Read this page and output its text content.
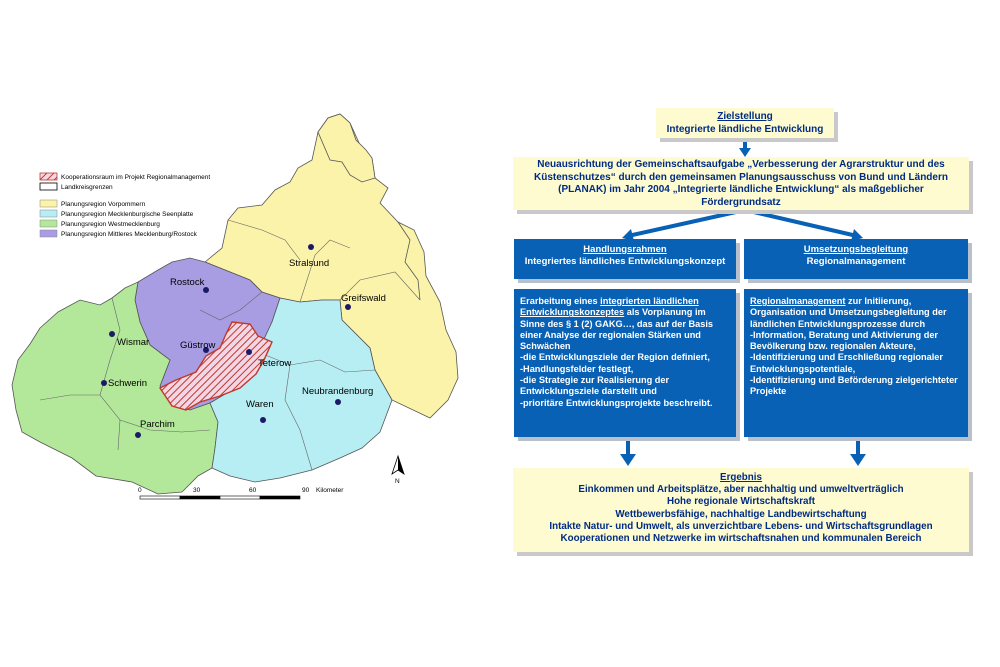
Kooperationsraum im Projekt Regionalmanagement
Landkreisgrenzen
Planungsregion Vorpommern
Planungsregion Mecklenburgische Seenplatte
Planungsregion Westmecklenburg
Planungsregion Mittleres Mecklenburg/Rostock
Stralsund
Rostock
Greifswald
Wismar	Güstrow
Teterow
Schwerin
Neubrandenburg
Waren
Parchim
N
0	30	60	90 Kilometer
Zielstellung
Integrierte ländliche Entwicklung
Neuausrichtung der Gemeinschaftsaufgabe „Verbesserung der Agrarstruktur und des
Küstenschutzes“ durch den gemeinsamen Planungsausschuss von Bund und Ländern
(PLANAK) im Jahr 2004 „Integrierte ländliche Entwicklung“ als maßgeblicher
Fördergrundsatz
Handlungsrahmen
Integriertes ländliches Entwicklungskonzept
Umsetzungsbegleitung
Regionalmanagement
Erarbeitung eines integrierten ländlichen Entwicklungskonzeptes als Vorplanung im Sinne des § 1 (2) GAKG…, das auf der Basis einer Analyse der regionalen Stärken und Schwächen
-die Entwicklungsziele der Region definiert,
-Handlungsfelder festlegt,
-die Strategie zur Realisierung der Entwicklungsziele darstellt und
-prioritäre Entwicklungsprojekte beschreibt.
Regionalmanagement zur Initiierung, Organisation und Umsetzungsbegleitung der ländlichen Entwicklungsprozesse durch
-Information, Beratung und Aktivierung der Bevölkerung bzw. regionalen Akteure,
-Identifizierung und Erschließung regionaler Entwicklungspotentiale,
-Identifizierung und Beförderung zielgerichteter Projekte
Ergebnis
Einkommen und Arbeitsplätze, aber nachhaltig und umweltverträglich
Hohe regionale Wirtschaftskraft
Wettbewerbsfähige, nachhaltige Landbewirtschaftung
Intakte Natur- und Umwelt, als unverzichtbare Lebens- und Wirtschaftsgrundlagen
Kooperationen und Netzwerke im wirtschaftsnahen und kommunalen Bereich
